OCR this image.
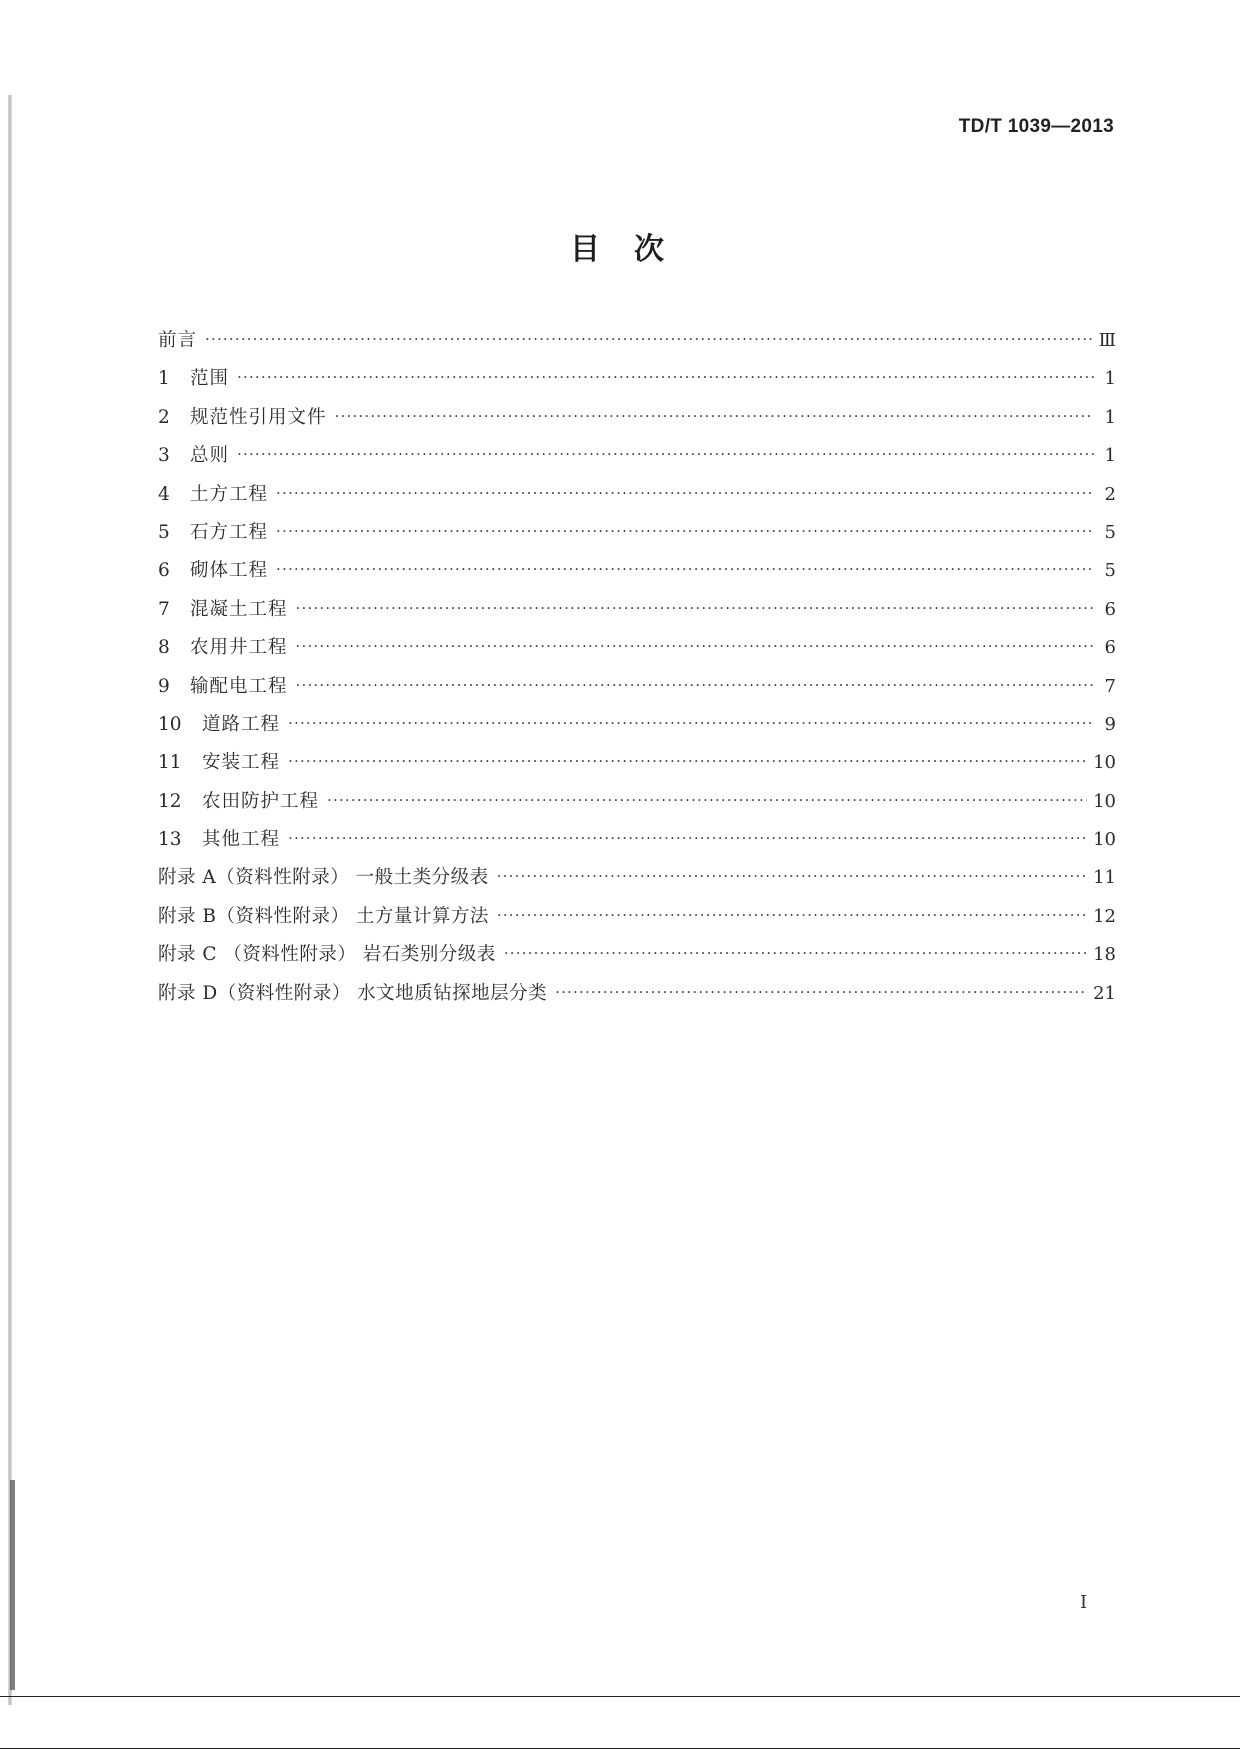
TD/T 1039—2013
目　次
前言 ·····	Ⅲ
1	范围 ·····	1
2	规范性引用文件 ·····	1
3	总则 ·····	1
4	土方工程 ·····	2
5	石方工程 ·····	5
6	砌体工程 ·····	5
7	混凝土工程 ·····	6
8	农用井工程 ·····	6
9	输配电工程 ·····	7
10	道路工程 ·····	9
11	安装工程 ·····	10
12	农田防护工程 ·····	10
13	其他工程 ·····	10
附录 A（资料性附录） 一般土类分级表 ·····	11
附录 B（资料性附录） 土方量计算方法 ·····	12
附录 C （资料性附录） 岩石类别分级表 ·····	18
附录 D（资料性附录） 水文地质钻探地层分类 ·····	21
I
